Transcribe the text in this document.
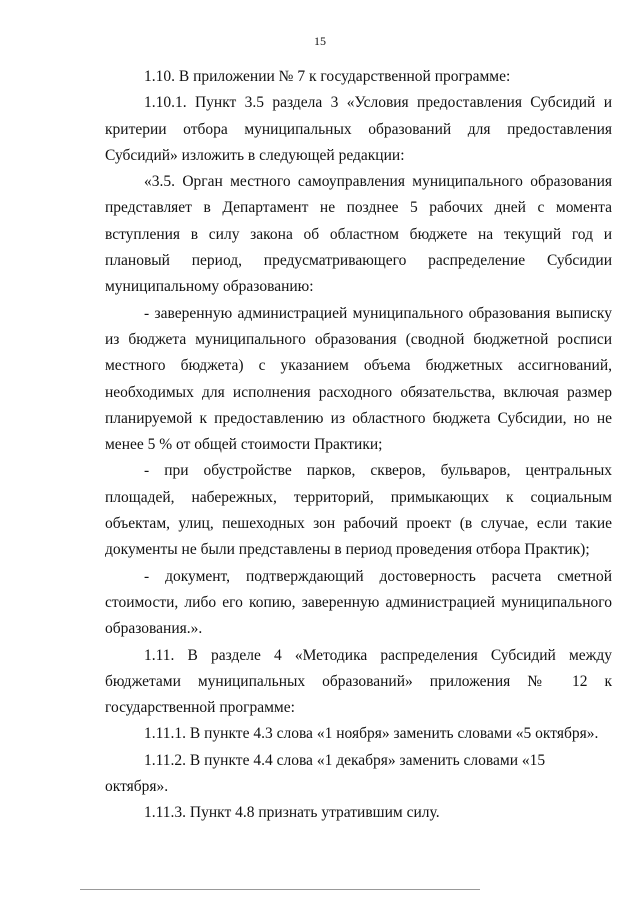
15

1.10. В приложении № 7 к государственной программе:

1.10.1. Пункт 3.5 раздела 3 «Условия предоставления Субсидий и критерии отбора муниципальных образований для предоставления Субсидий» изложить в следующей редакции:

«3.5. Орган местного самоуправления муниципального образования представляет в Департамент не позднее 5 рабочих дней с момента вступления в силу закона об областном бюджете на текущий год и плановый период, предусматривающего распределение Субсидии муниципальному образованию:

- заверенную администрацией муниципального образования выписку из бюджета муниципального образования (сводной бюджетной росписи местного бюджета) с указанием объема бюджетных ассигнований, необходимых для исполнения расходного обязательства, включая размер планируемой к предоставлению из областного бюджета Субсидии, но не менее 5 % от общей стоимости Практики;

- при обустройстве парков, скверов, бульваров, центральных площадей, набережных, территорий, примыкающих к социальным объектам, улиц, пешеходных зон рабочий проект (в случае, если такие документы не были представлены в период проведения отбора Практик);

- документ, подтверждающий достоверность расчета сметной стоимости, либо его копию, заверенную администрацией муниципального образования.».

1.11. В разделе 4 «Методика распределения Субсидий между бюджетами муниципальных образований» приложения № 12 к государственной программе:

1.11.1. В пункте 4.3 слова «1 ноября» заменить словами «5 октября».

1.11.2. В пункте 4.4 слова «1 декабря» заменить словами «15 октября».

1.11.3. Пункт 4.8 признать утратившим силу.
